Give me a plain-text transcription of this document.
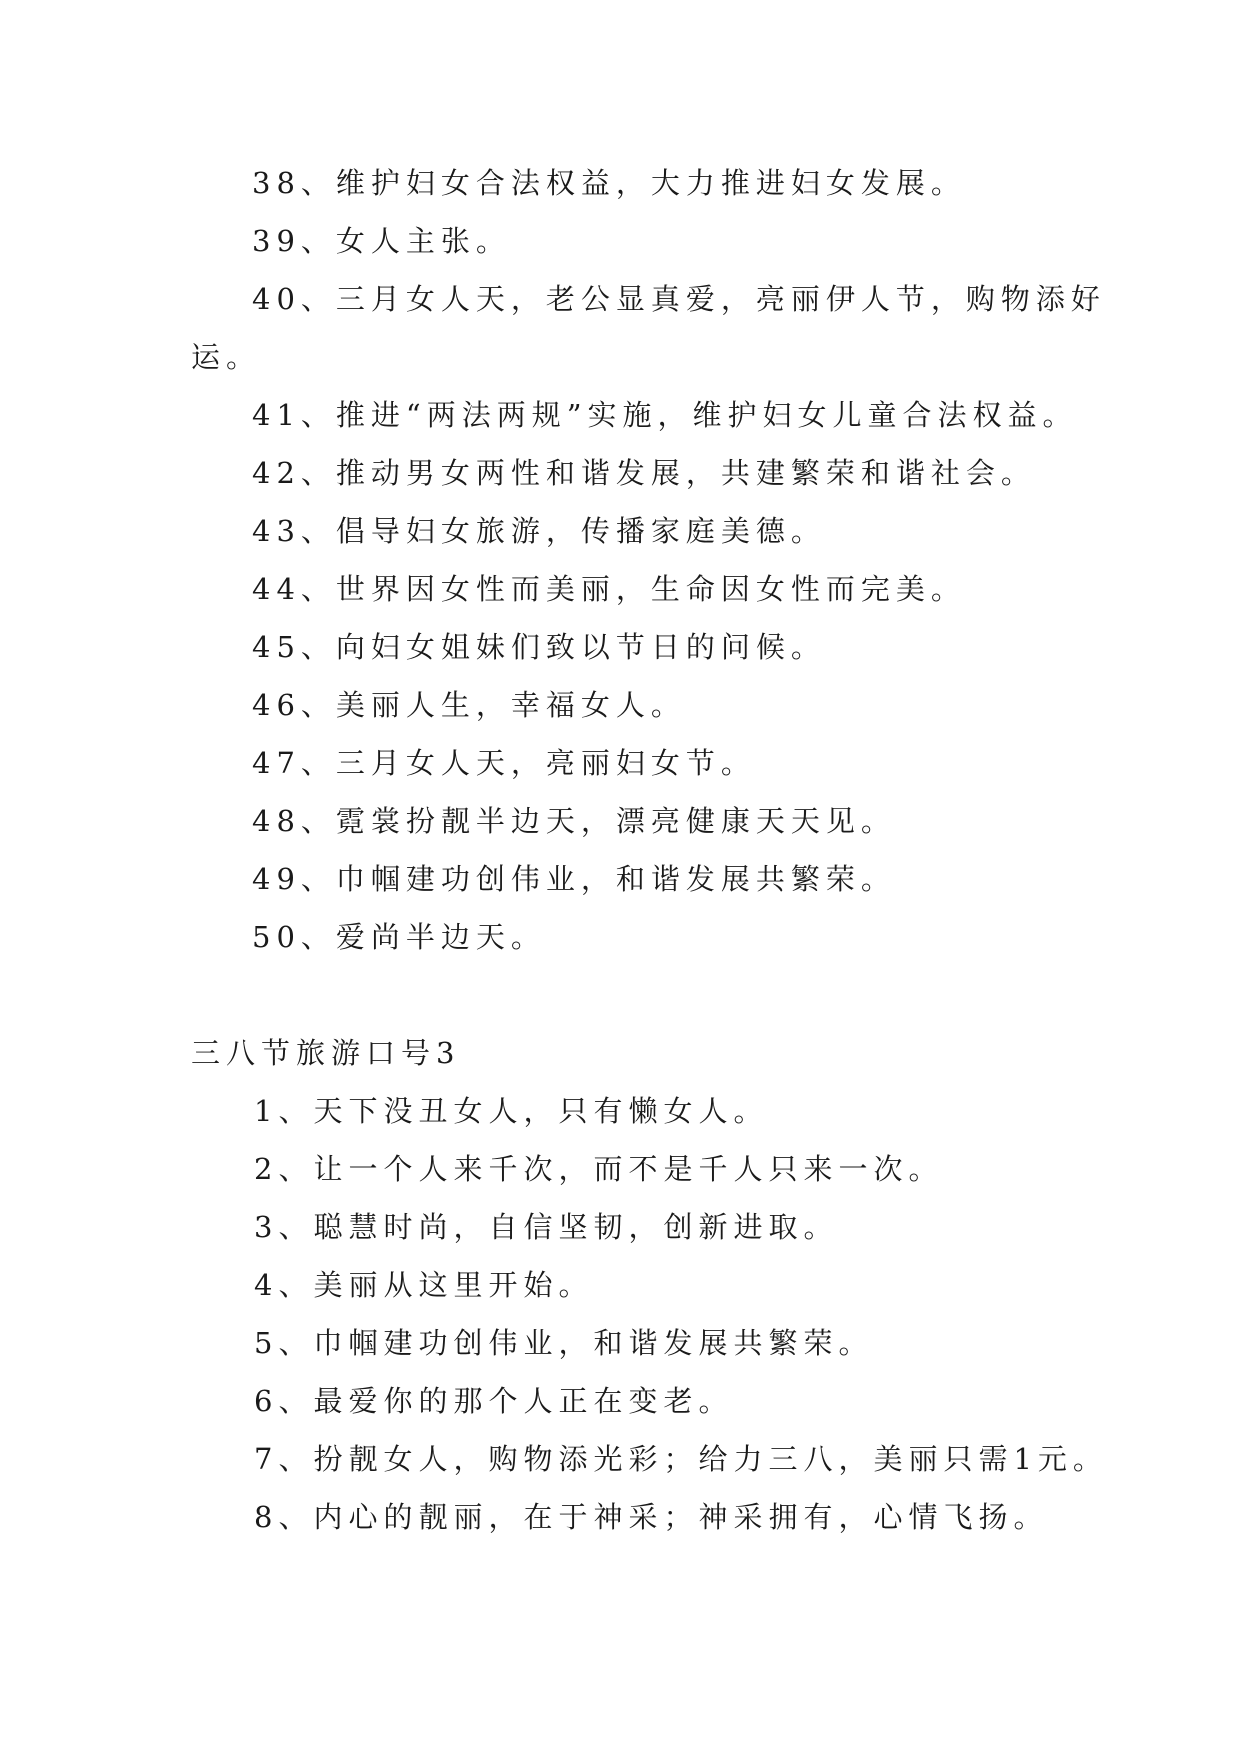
38、维护妇女合法权益，大力推进妇女发展。
39、女人主张。
40、三月女人天，老公显真爱，亮丽伊人节，购物添好
运。
41、推进“两法两规”实施，维护妇女儿童合法权益。
42、推动男女两性和谐发展，共建繁荣和谐社会。
43、倡导妇女旅游，传播家庭美德。
44、世界因女性而美丽，生命因女性而完美。
45、向妇女姐妹们致以节日的问候。
46、美丽人生，幸福女人。
47、三月女人天，亮丽妇女节。
48、霓裳扮靓半边天，漂亮健康天天见。
49、巾帼建功创伟业，和谐发展共繁荣。
50、爱尚半边天。
三八节旅游口号3
1、天下没丑女人，只有懒女人。
2、让一个人来千次，而不是千人只来一次。
3、聪慧时尚，自信坚韧，创新进取。
4、美丽从这里开始。
5、巾帼建功创伟业，和谐发展共繁荣。
6、最爱你的那个人正在变老。
7、扮靓女人，购物添光彩；给力三八，美丽只需1元。
8、内心的靓丽，在于神采；神采拥有，心情飞扬。
